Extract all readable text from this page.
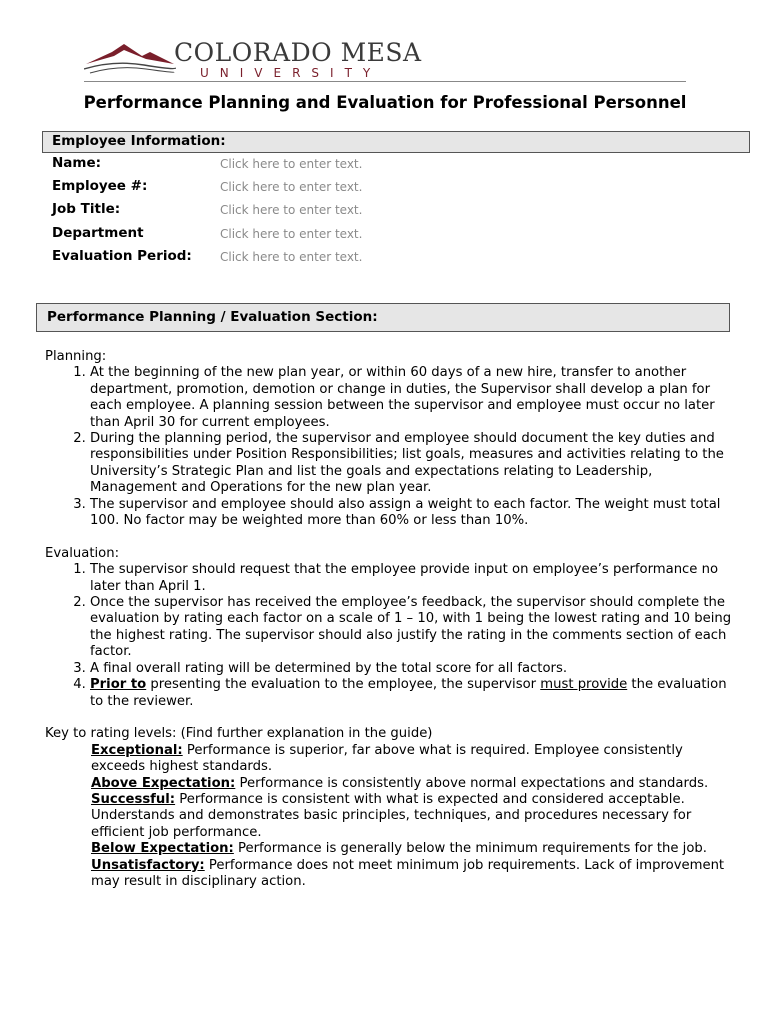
COLORADO MESA
UNIVERSITY
Performance Planning and Evaluation for Professional Personnel
Employee Information:
Name:	Click here to enter text.
Employee #:	Click here to enter text.
Job Title:	Click here to enter text.
Department	Click here to enter text.
Evaluation Period: Click here to enter text.
Performance Planning / Evaluation Section:

Planning:

1. At the beginning of the new plan year, or within 60 days of a new hire, transfer to another department, promotion, demotion or change in duties, the Supervisor shall develop a plan for each employee. A planning session between the supervisor and employee must occur no later than April 30 for current employees.
2. During the planning period, the supervisor and employee should document the key duties and responsibilities under Position Responsibilities; list goals, measures and activities relating to the University’s Strategic Plan and list the goals and expectations relating to Leadership, Management and Operations for the new plan year.
3. The supervisor and employee should also assign a weight to each factor. The weight must total 100. No factor may be weighted more than 60% or less than 10%.

Evaluation:

1. The supervisor should request that the employee provide input on employee’s performance no later than April 1.
2. Once the supervisor has received the employee’s feedback, the supervisor should complete the evaluation by rating each factor on a scale of 1 – 10, with 1 being the lowest rating and 10 being the highest rating. The supervisor should also justify the rating in the comments section of each factor.
3. A final overall rating will be determined by the total score for all factors.
4. Prior to presenting the evaluation to the employee, the supervisor must provide the evaluation to the reviewer.

Key to rating levels: (Find further explanation in the guide)

Exceptional: Performance is superior, far above what is required. Employee consistently exceeds highest standards.

Above Expectation: Performance is consistently above normal expectations and standards.

Successful: Performance is consistent with what is expected and considered acceptable. Understands and demonstrates basic principles, techniques, and procedures necessary for efficient job performance.

Below Expectation: Performance is generally below the minimum requirements for the job.

Unsatisfactory: Performance does not meet minimum job requirements. Lack of improvement may result in disciplinary action.
